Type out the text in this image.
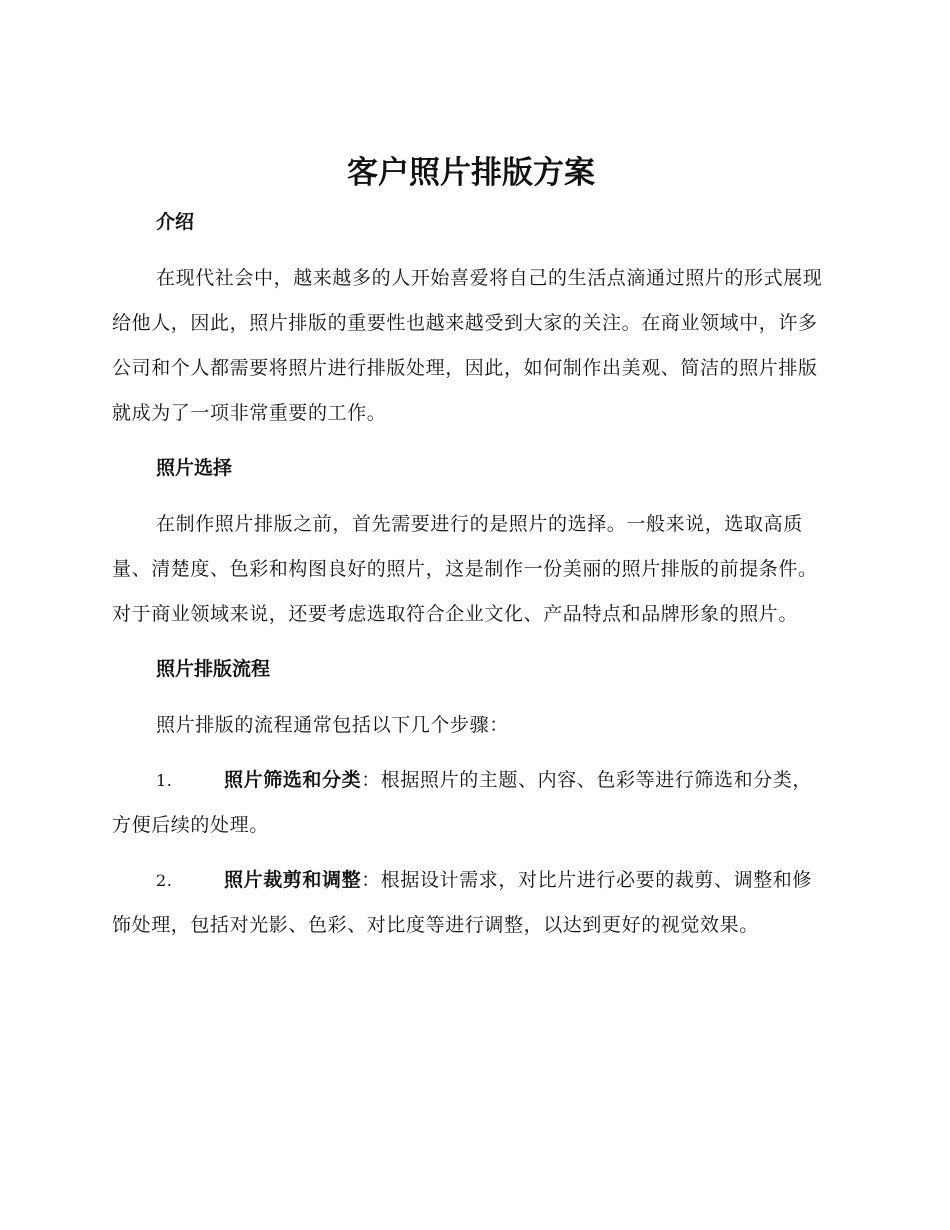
客户照片排版方案
介绍

在现代社会中，越来越多的人开始喜爱将自己的生活点滴通过照片的形式展现给他人，因此，照片排版的重要性也越来越受到大家的关注。在商业领域中，许多公司和个人都需要将照片进行排版处理，因此，如何制作出美观、简洁的照片排版就成为了一项非常重要的工作。

照片选择

在制作照片排版之前，首先需要进行的是照片的选择。一般来说，选取高质量、清楚度、色彩和构图良好的照片，这是制作一份美丽的照片排版的前提条件。对于商业领域来说，还要考虑选取符合企业文化、产品特点和品牌形象的照片。

照片排版流程

照片排版的流程通常包括以下几个步骤：

1.	照片筛选和分类：根据照片的主题、内容、色彩等进行筛选和分类，方便后续的处理。

2.	照片裁剪和调整：根据设计需求，对比片进行必要的裁剪、调整和修饰处理，包括对光影、色彩、对比度等进行调整，以达到更好的视觉效果。
